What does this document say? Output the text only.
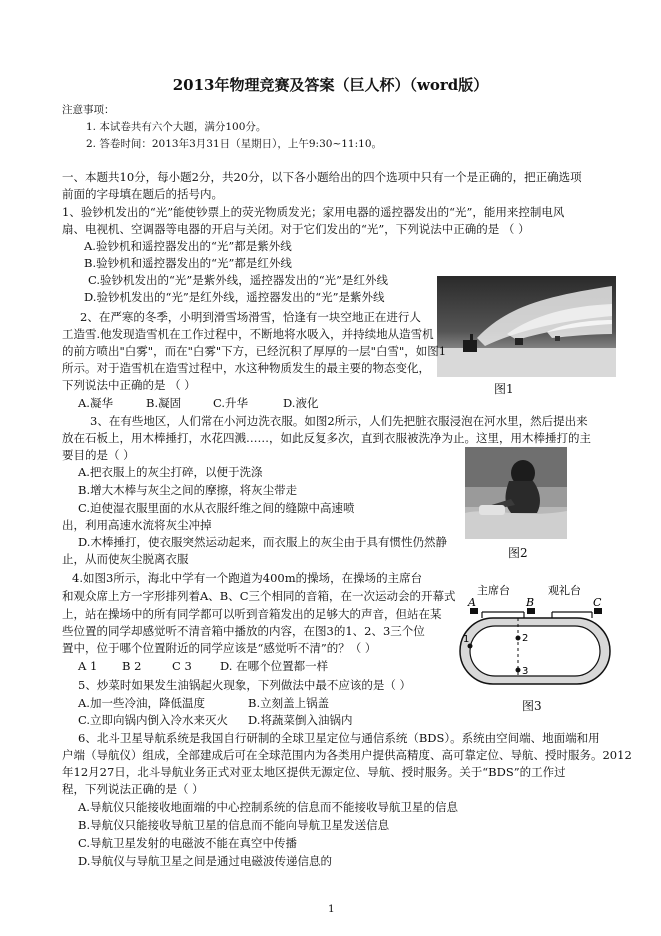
2013年物理竞赛及答案（巨人杯）（word版）
注意事项：
1. 本试卷共有六个大题，满分100分。
2. 答卷时间：2013年3月31日（星期日），上午9:30~11:10。
一、本题共10分，每小题2分，共20分，以下各小题给出的四个选项中只有一个是正确的，把正确选项
前面的字母填在题后的括号内。
1、验钞机发出的“光”能使钞票上的荧光物质发光；家用电器的遥控器发出的“光”，能用来控制电风
扇、电视机、空调器等电器的开启与关闭。对于它们发出的“光”，下列说法中正确的是 （ ）
A.验钞机和遥控器发出的“光”都是紫外线
B.验钞机和遥控器发出的“光”都是红外线
C.验钞机发出的“光”是紫外线，遥控器发出的“光”是红外线
D.验钞机发出的“光”是红外线，遥控器发出的“光”是紫外线
图1
2、在严寒的冬季，小明到滑雪场滑雪，恰逢有一块空地正在进行人
工造雪.他发现造雪机在工作过程中，不断地将水吸入，并持续地从造雪机
的前方喷出"白雾"，而在"白雾"下方，已经沉积了厚厚的一层"白雪"，如图1
所示。对于造雪机在造雪过程中，水这种物质发生的最主要的物态变化，
下列说法中正确的是 （ ）
A.凝华	B.凝固	C.升华	D.液化
3、在有些地区，人们常在小河边洗衣服。如图2所示，人们先把脏衣服浸泡在河水里，然后提出来
放在石板上，用木棒捶打，水花四溅……，如此反复多次，直到衣服被洗净为止。这里，用木棒捶打的主
要目的是（ ）
A.把衣服上的灰尘打碎，以便于洗涤
B.增大木棒与灰尘之间的摩擦，将灰尘带走
C.迫使湿衣服里面的水从衣服纤维之间的缝隙中高速喷
出，利用高速水流将灰尘冲掉
D.木棒捶打，使衣服突然运动起来，而衣服上的灰尘由于具有惯性仍然静
止，从而使灰尘脱离衣服	图2
4.如图3所示，海北中学有一个跑道为400m的操场，在操场的主席台
和观众席上方一字形排列着A、B、C三个相同的音箱，在一次运动会的开幕式
上，站在操场中的所有同学都可以听到音箱发出的足够大的声音，但站在某
些位置的同学却感觉听不清音箱中播放的内容，在图3的1、2、3三个位
置中，位于哪个位置附近的同学应该是“感觉听不清”的？（ ）
A 1 B 2	C 3 D. 在哪个位置都一样
主席台	观礼台
A	B	C
1	2
3
图3
5、炒菜时如果发生油锅起火现象，下列做法中最不应该的是（ ）
A.加一些冷油，降低温度	B.立刻盖上锅盖
C.立即向锅内倒入冷水来灭火 D.将蔬菜倒入油锅内
6、北斗卫星导航系统是我国自行研制的全球卫星定位与通信系统（BDS）。系统由空间端、地面端和用
户端（导航仪）组成，全部建成后可在全球范围内为各类用户提供高精度、高可靠定位、导航、授时服务。2012
年12月27日，北斗导航业务正式对亚太地区提供无源定位、导航、授时服务。关于“BDS”的工作过
程，下列说法正确的是（ ）
A.导航仪只能接收地面端的中心控制系统的信息而不能接收导航卫星的信息
B.导航仪只能接收导航卫星的信息而不能向导航卫星发送信息
C.导航卫星发射的电磁波不能在真空中传播
D.导航仪与导航卫星之间是通过电磁波传递信息的
1
